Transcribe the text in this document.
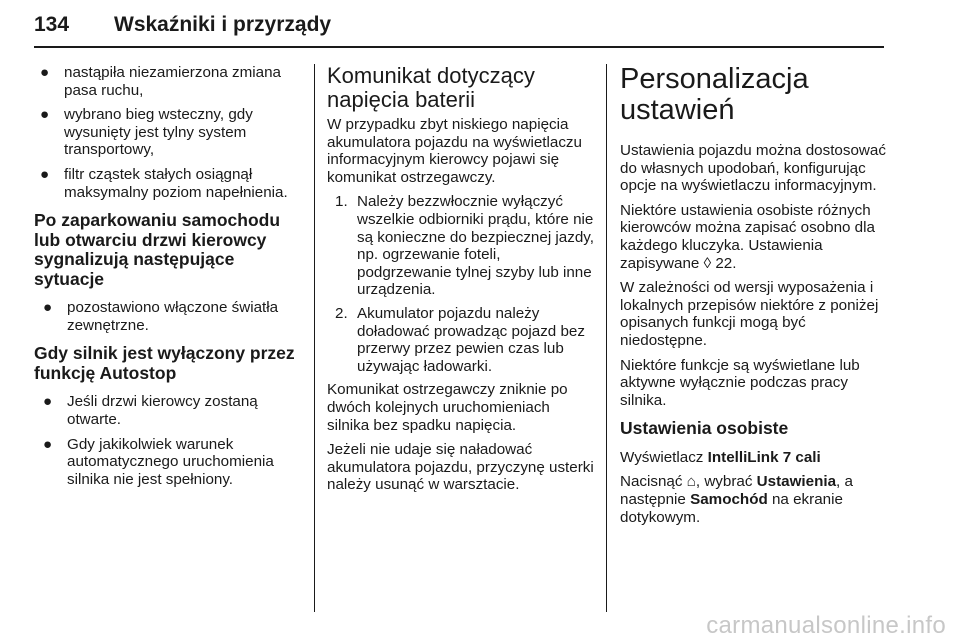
134 Wskaźniki i przyrządy
● nastąpiła niezamierzona zmiana pasa ruchu,
● wybrano bieg wsteczny, gdy wysunięty jest tylny system transportowy,
● filtr cząstek stałych osiągnął maksymalny poziom napełnienia.
Po zaparkowaniu samochodu lub otwarciu drzwi kierowcy sygnalizują następujące sytuacje
● pozostawiono włączone światła zewnętrzne.
Gdy silnik jest wyłączony przez funkcję Autostop
● Jeśli drzwi kierowcy zostaną otwarte.
● Gdy jakikolwiek warunek automatycznego uruchomienia silnika nie jest spełniony.
Komunikat dotyczący napięcia baterii

W przypadku zbyt niskiego napięcia akumulatora pojazdu na wyświetlaczu informacyjnym kierowcy pojawi się komunikat ostrzegawczy.

1. Należy bezzwłocznie wyłączyć wszelkie odbiorniki prądu, które nie są konieczne do bezpiecznej jazdy, np. ogrzewanie foteli, podgrzewanie tylnej szyby lub inne urządzenia.
2. Akumulator pojazdu należy doładować prowadząc pojazd bez przerwy przez pewien czas lub używając ładowarki.

Komunikat ostrzegawczy zniknie po dwóch kolejnych uruchomieniach silnika bez spadku napięcia.

Jeżeli nie udaje się naładować akumulatora pojazdu, przyczynę usterki należy usunąć w warsztacie.

Personalizacja ustawień

Ustawienia pojazdu można dostosować do własnych upodobań, konfigurując opcje na wyświetlaczu informacyjnym.

Niektóre ustawienia osobiste różnych kierowców można zapisać osobno dla każdego kluczyka. Ustawienia zapisywane ◊ 22.

W zależności od wersji wyposażenia i lokalnych przepisów niektóre z poniżej opisanych funkcji mogą być niedostępne.

Niektóre funkcje są wyświetlane lub aktywne wyłącznie podczas pracy silnika.

Ustawienia osobiste

Wyświetlacz IntelliLink 7 cali

Nacisnąć ⌂, wybrać Ustawienia, a następnie Samochód na ekranie dotykowym.

carmanualsonline.info
